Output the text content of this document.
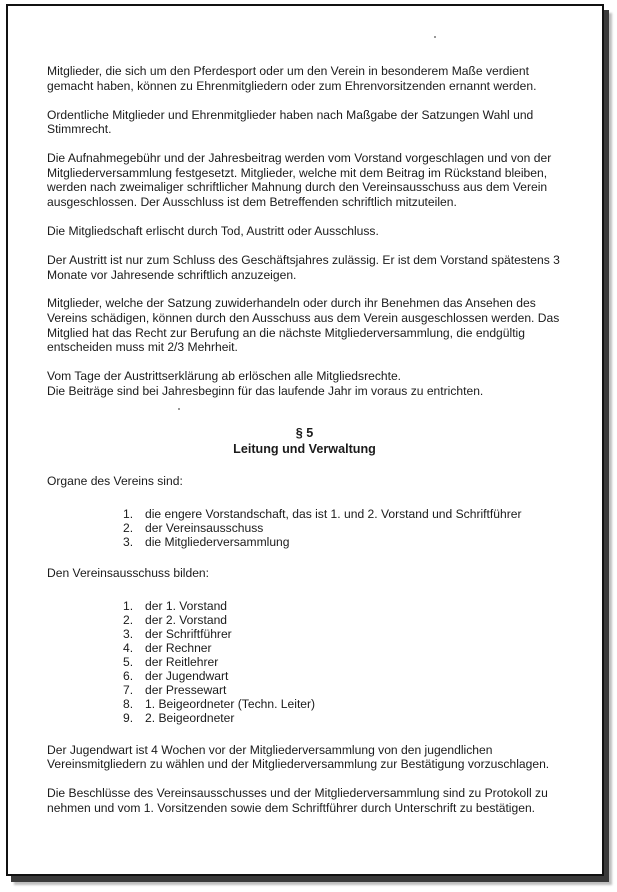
Mitglieder, die sich um den Pferdesport oder um den Verein in besonderem Maße verdient gemacht haben, können zu Ehrenmitgliedern oder zum Ehrenvorsitzenden ernannt werden.

Ordentliche Mitglieder und Ehrenmitglieder haben nach Maßgabe der Satzungen Wahl und Stimmrecht.

Die Aufnahmegebühr und der Jahresbeitrag werden vom Vorstand vorgeschlagen und von der Mitgliederversammlung festgesetzt. Mitglieder, welche mit dem Beitrag im Rückstand bleiben, werden nach zweimaliger schriftlicher Mahnung durch den Vereinsausschuss aus dem Verein ausgeschlossen. Der Ausschluss ist dem Betreffenden schriftlich mitzuteilen.

Die Mitgliedschaft erlischt durch Tod, Austritt oder Ausschluss.

Der Austritt ist nur zum Schluss des Geschäftsjahres zulässig. Er ist dem Vorstand spätestens 3 Monate vor Jahresende schriftlich anzuzeigen.

Mitglieder, welche der Satzung zuwiderhandeln oder durch ihr Benehmen das Ansehen des Vereins schädigen, können durch den Ausschuss aus dem Verein ausgeschlossen werden. Das Mitglied hat das Recht zur Berufung an die nächste Mitgliederversammlung, die endgültig entscheiden muss mit 2/3 Mehrheit.

Vom Tage der Austrittserklärung ab erlöschen alle Mitgliedsrechte.

Die Beiträge sind bei Jahresbeginn für das laufende Jahr im voraus zu entrichten.

§ 5
Leitung und Verwaltung

Organe des Vereins sind:

1. die engere Vorstandschaft, das ist 1. und 2. Vorstand und Schriftführer
2. der Vereinsausschuss
3. die Mitgliederversammlung

Den Vereinsausschuss bilden:

1. der 1. Vorstand
2. der 2. Vorstand
3. der Schriftführer
4. der Rechner
5. der Reitlehrer
6. der Jugendwart
7. der Pressewart
8. 1. Beigeordneter (Techn. Leiter)
9. 2. Beigeordneter

Der Jugendwart ist 4 Wochen vor der Mitgliederversammlung von den jugendlichen Vereinsmitgliedern zu wählen und der Mitgliederversammlung zur Bestätigung vorzuschlagen.

Die Beschlüsse des Vereinsausschusses und der Mitgliederversammlung sind zu Protokoll zu nehmen und vom 1. Vorsitzenden sowie dem Schriftführer durch Unterschrift zu bestätigen.
